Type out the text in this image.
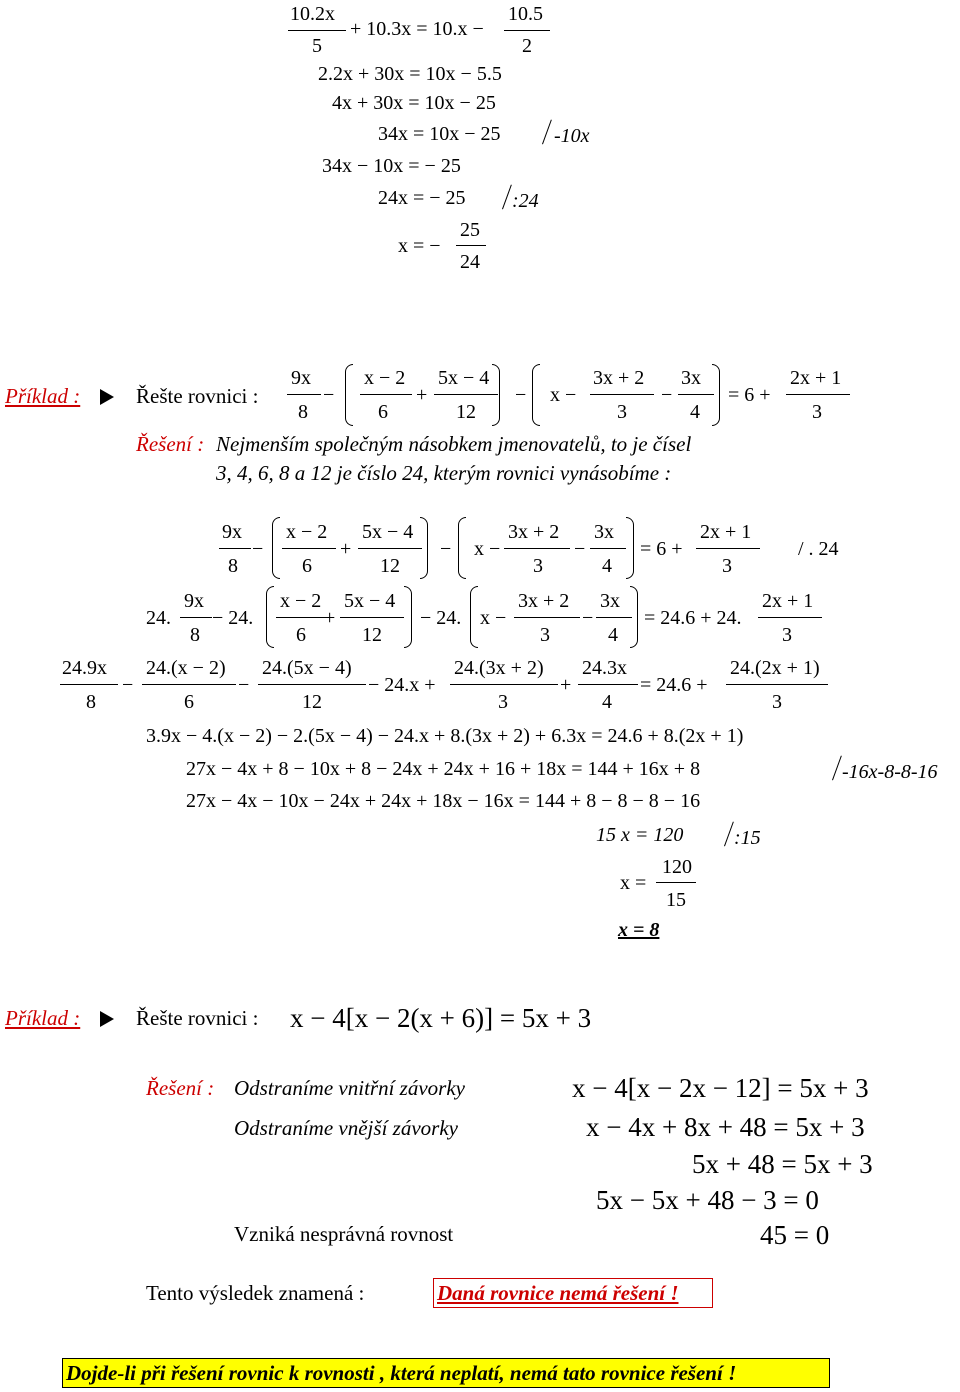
10.2x
5
+ 10.3x = 10.x −
10.5
2
2.2x + 30x = 10x − 5.5
4x + 30x = 10x − 25
34x = 10x − 25	-10x
34x − 10x = − 25
24x = − 25 :24
x = −
25
24
Příklad :	Řešte rovnici :
9x
8
−
x − 2
6
+
5x − 4
12
− x −
3x + 2
3
−
3x
4
= 6 +
2x + 1
3
Řešení : Nejmenším společným násobkem jmenovatelů, to je čísel
3, 4, 6, 8 a 12 je číslo 24, kterým rovnici vynásobíme :
9x
8
−
x − 2
6
+
5x − 4
12
− x −
3x + 2
3
−
3x
4
= 6 +
2x + 1
3
/ . 24
24.
9x
8
− 24.
x − 2
6
+
5x − 4
12
− 24. x −
3x + 2
3
−
3x
4
= 24.6 + 24.
2x + 1
3
24.9x
8
−
24.(x − 2)
6
−
24.(5x − 4)
12
− 24.x +
24.(3x + 2)
3
+
24.3x
4
= 24.6 +
24.(2x + 1)
3
3.9x − 4.(x − 2) − 2.(5x − 4) − 24.x + 8.(3x + 2) + 6.3x = 24.6 + 8.(2x + 1)
27x − 4x + 8 − 10x + 8 − 24x + 24x + 16 + 18x = 144 + 16x + 8	-16x-8-8-16
27x − 4x − 10x − 24x + 24x + 18x − 16x = 144 + 8 − 8 − 8 − 16
15 x = 120	:15
x =
120
15
x = 8
Příklad :	Řešte rovnici : x − 4[x − 2(x + 6)] = 5x + 3
Řešení : Odstraníme vnitřní závorky	x − 4[x − 2x − 12] = 5x + 3
Odstraníme vnější závorky	x − 4x + 8x + 48 = 5x + 3
5x + 48 = 5x + 3
5x − 5x + 48 − 3 = 0
Vzniká nesprávná rovnost	45 = 0
Tento výsledek znamená :	Daná rovnice nemá řešení !
Dojde-li při řešení rovnic k rovnosti , která neplatí, nemá tato rovnice řešení !
